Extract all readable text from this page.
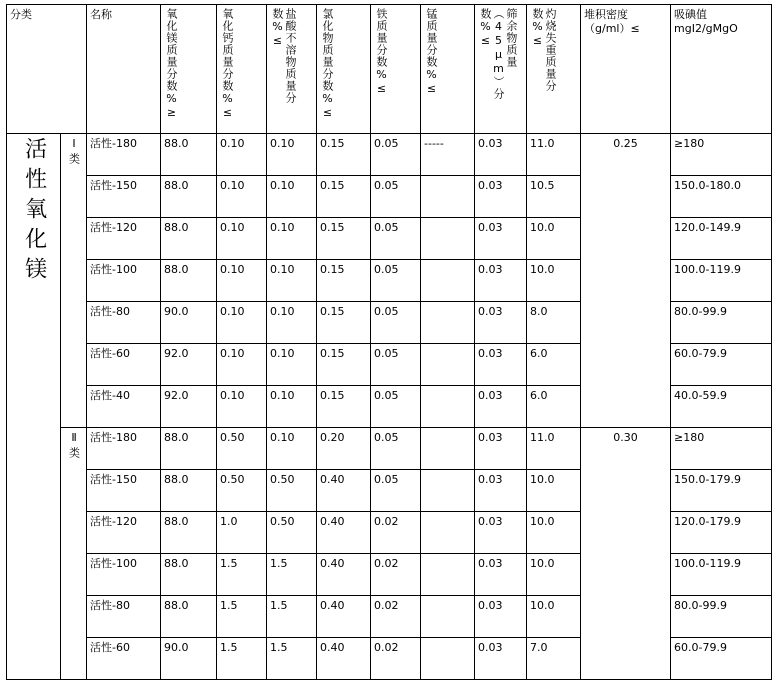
分类		名称	氧化镁质量分数%≥	氧化钙质量分数%≤	盐酸不溶物质量分数%≤	氯化物质量分数%≤	铁质量分数%≤	锰质量分数%≤	筛余物质量（45μm）分数%≤	灼烧失重质量分数%≤	堆积密度（g/ml）≤	吸碘值mgI2/gMgO
活性氧化镁	Ⅰ类	活性-180	88.0	0.10	0.10	0.15	0.05	-----	0.03	11.0	0.25	≥180
		活性-150	88.0	0.10	0.10	0.15	0.05		0.03	10.5		150.0-180.0
		活性-120	88.0	0.10	0.10	0.15	0.05		0.03	10.0		120.0-149.9
		活性-100	88.0	0.10	0.10	0.15	0.05		0.03	10.0		100.0-119.9
		活性-80	90.0	0.10	0.10	0.15	0.05		0.03	8.0		80.0-99.9
		活性-60	92.0	0.10	0.10	0.15	0.05		0.03	6.0		60.0-79.9
		活性-40	92.0	0.10	0.10	0.15	0.05		0.03	6.0		40.0-59.9
	Ⅱ类	活性-180	88.0	0.50	0.10	0.20	0.05		0.03	11.0	0.30	≥180
		活性-150	88.0	0.50	0.50	0.40	0.05		0.03	10.0		150.0-179.9
		活性-120	88.0	1.0	0.50	0.40	0.02		0.03	10.0		120.0-179.9
		活性-100	88.0	1.5	1.5	0.40	0.02		0.03	10.0		100.0-119.9
		活性-80	88.0	1.5	1.5	0.40	0.02		0.03	10.0		80.0-99.9
		活性-60	90.0	1.5	1.5	0.40	0.02		0.03	7.0		60.0-79.9
